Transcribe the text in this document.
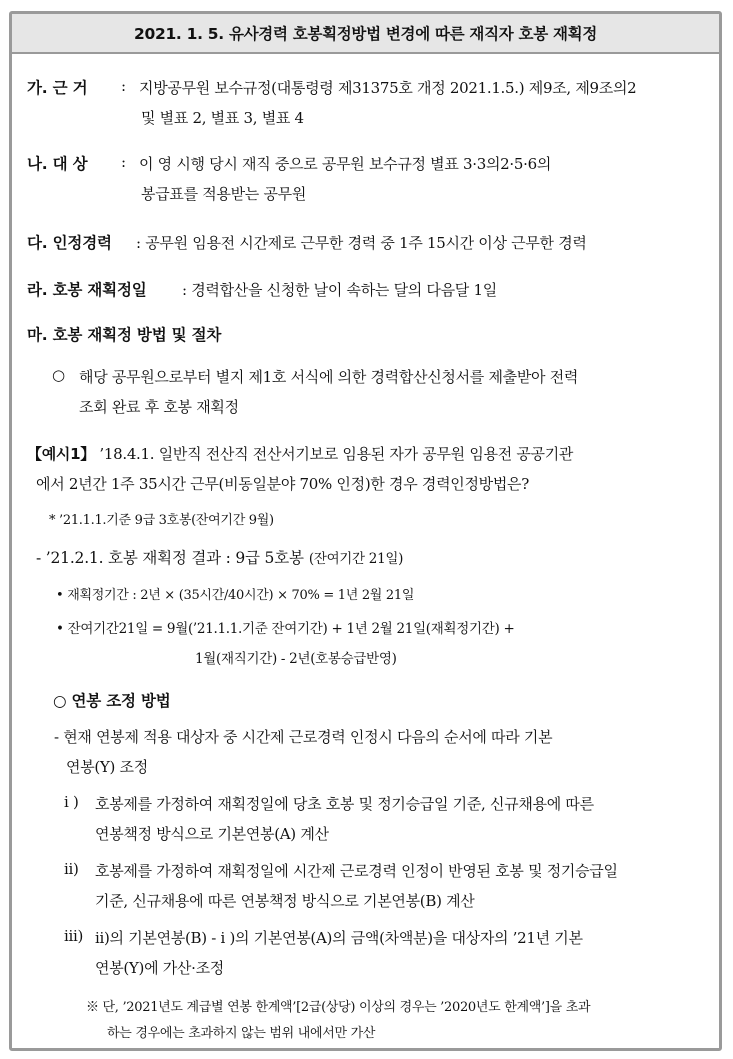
2021. 1. 5. 유사경력 호봉획정방법 변경에 따른 재직자 호봉 재획정
가. 근 거 : 지방공무원 보수규정(대통령령 제31375호 개정 2021.1.5.) 제9조, 제9조의2
및 별표 2, 별표 3, 별표 4
나. 대 상 : 이 영 시행 당시 재직 중으로 공무원 보수규정 별표 3·3의2·5·6의
봉급표를 적용받는 공무원
다. 인정경력 : 공무원 임용전 시간제로 근무한 경력 중 1주 15시간 이상 근무한 경력
라. 호봉 재획정일 : 경력합산을 신청한 날이 속하는 달의 다음달 1일
마. 호봉 재획정 방법 및 절차
○ 해당 공무원으로부터 별지 제1호 서식에 의한 경력합산신청서를 제출받아 전력
조회 완료 후 호봉 재획정
【예시1】 ’18.4.1. 일반직 전산직 전산서기보로 임용된 자가 공무원 임용전 공공기관
에서 2년간 1주 35시간 근무(비동일분야 70% 인정)한 경우 경력인정방법은?
* ’21.1.1.기준 9급 3호봉(잔여기간 9월)
- ’21.2.1. 호봉 재획정 결과 : 9급 5호봉 (잔여기간 21일)
• 재획정기간 : 2년 × (35시간/40시간) × 70% = 1년 2월 21일
• 잔여기간21일 = 9월(’21.1.1.기준 잔여기간) + 1년 2월 21일(재획정기간) +
1월(재직기간) - 2년(호봉승급반영)
○ 연봉 조정 방법
- 현재 연봉제 적용 대상자 중 시간제 근로경력 인정시 다음의 순서에 따라 기본
연봉(Y) 조정
i ) 호봉제를 가정하여 재획정일에 당초 호봉 및 정기승급일 기준, 신규채용에 따른
연봉책정 방식으로 기본연봉(A) 계산
ii) 호봉제를 가정하여 재획정일에 시간제 근로경력 인정이 반영된 호봉 및 정기승급일
기준, 신규채용에 따른 연봉책정 방식으로 기본연봉(B) 계산
iii) ii)의 기본연봉(B) - i )의 기본연봉(A)의 금액(차액분)을 대상자의 ’21년 기본
연봉(Y)에 가산·조정
※ 단, ’2021년도 계급별 연봉 한계액’[2급(상당) 이상의 경우는 ’2020년도 한계액’]을 초과
하는 경우에는 초과하지 않는 범위 내에서만 가산
